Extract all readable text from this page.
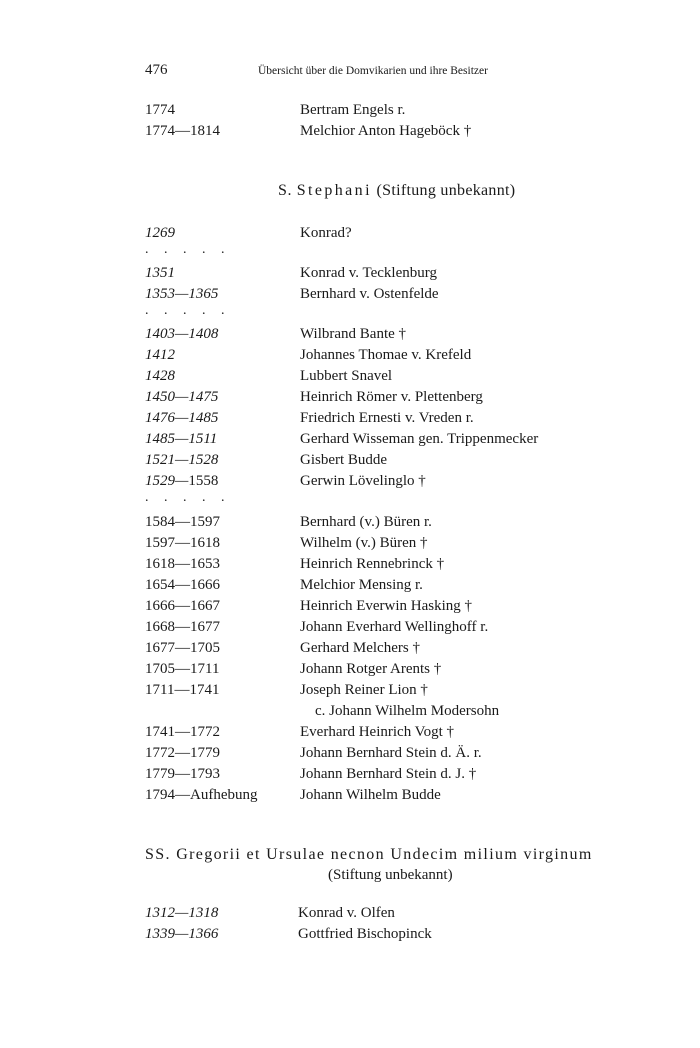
476	Übersicht über die Domvikarien und ihre Besitzer
1774	Bertram Engels r.
1774—1814	Melchior Anton Hageböck †
S. Stephani (Stiftung unbekannt)
1269	Konrad?
. . . . .
1351	Konrad v. Tecklenburg
1353—1365	Bernhard v. Ostenfelde
. . . . .
1403—1408	Wilbrand Bante †
1412	Johannes Thomae v. Krefeld
1428	Lubbert Snavel
1450—1475	Heinrich Römer v. Plettenberg
1476—1485	Friedrich Ernesti v. Vreden r.
1485—1511	Gerhard Wisseman gen. Trippenmecker
1521—1528	Gisbert Budde
1529—1558	Gerwin Lövelinglo †
. . . . .
1584—1597	Bernhard (v.) Büren r.
1597—1618	Wilhelm (v.) Büren †
1618—1653	Heinrich Rennebrinck †
1654—1666	Melchior Mensing r.
1666—1667	Heinrich Everwin Hasking †
1668—1677	Johann Everhard Wellinghoff r.
1677—1705	Gerhard Melchers †
1705—1711	Johann Rotger Arents †
1711—1741	Joseph Reiner Lion †
c. Johann Wilhelm Modersohn
1741—1772	Everhard Heinrich Vogt †
1772—1779	Johann Bernhard Stein d. Ä. r.
1779—1793	Johann Bernhard Stein d. J. †
1794—Aufhebung	Johann Wilhelm Budde
SS. Gregorii et Ursulae necnon Undecim milium virginum
(Stiftung unbekannt)
1312—1318	Konrad v. Olfen
1339—1366	Gottfried Bischopinck
